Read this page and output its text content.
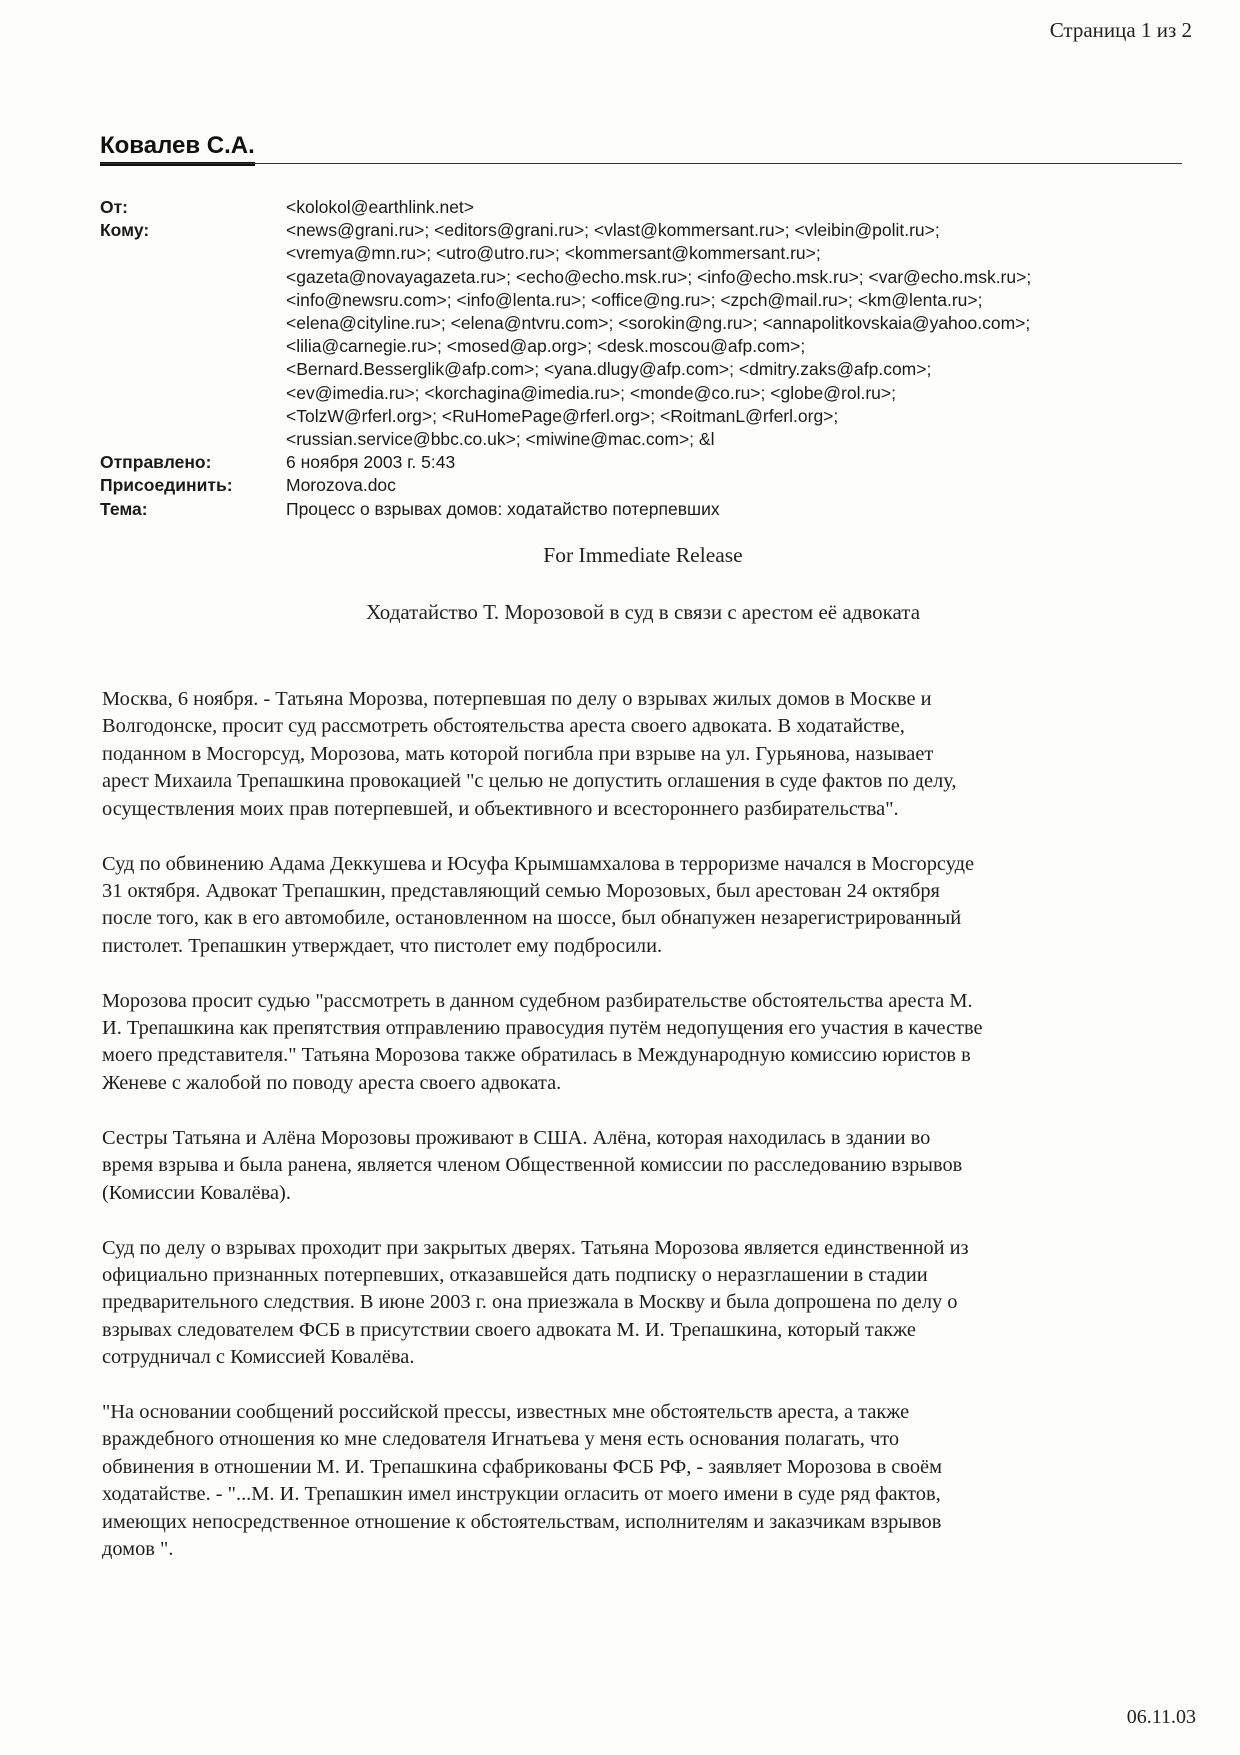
Страница 1 из 2
Ковалев С.А.
От:	<kolokol@earthlink.net>
Кому:	<news@grani.ru>; <editors@grani.ru>; <vlast@kommersant.ru>; <vleibin@polit.ru>;
<vremya@mn.ru>; <utro@utro.ru>; <kommersant@kommersant.ru>;
<gazeta@novayagazeta.ru>; <echo@echo.msk.ru>; <info@echo.msk.ru>; <var@echo.msk.ru>;
<info@newsru.com>; <info@lenta.ru>; <office@ng.ru>; <zpch@mail.ru>; <km@lenta.ru>;
<elena@cityline.ru>; <elena@ntvru.com>; <sorokin@ng.ru>; <annapolitkovskaia@yahoo.com>;
<lilia@carnegie.ru>; <mosed@ap.org>; <desk.moscou@afp.com>;
<Bernard.Besserglik@afp.com>; <yana.dlugy@afp.com>; <dmitry.zaks@afp.com>;
<ev@imedia.ru>; <korchagina@imedia.ru>; <monde@co.ru>; <globe@rol.ru>;
<TolzW@rferl.org>; <RuHomePage@rferl.org>; <RoitmanL@rferl.org>;
<russian.service@bbc.co.uk>; <miwine@mac.com>; &l
Отправлено:	6 ноября 2003 г. 5:43
Присоединить:	Morozova.doc
Тема:	Процесс о взрывах домов: ходатайство потерпевших
For Immediate Release
Ходатайство Т. Морозовой в суд в связи с арестом её адвоката

Москва, 6 ноября. - Татьяна Морозва, потерпевшая по делу о взрывах жилых домов в Москве и
Волгодонске, просит суд рассмотреть обстоятельства ареста своего адвоката. В ходатайстве,
поданном в Мосгорсуд, Морозова, мать которой погибла при взрыве на ул. Гурьянова, называет
арест Михаила Трепашкина провокацией "с целью не допустить оглашения в суде фактов по делу,
осуществления моих прав потерпевшей, и объективного и всестороннего разбирательства".

Суд по обвинению Адама Деккушева и Юсуфа Крымшамхалова в терроризме начался в Мосгорсуде
31 октября. Адвокат Трепашкин, представляющий семью Морозовых, был арестован 24 октября
после того, как в его автомобиле, остановленном на шоссе, был обнапужен незарегистрированный
пистолет. Трепашкин утверждает, что пистолет ему подбросили.

Морозова просит судью "рассмотреть в данном судебном разбирательстве обстоятельства ареста М.
И. Трепашкина как препятствия отправлению правосудия путём недопущения его участия в качестве
моего представителя." Татьяна Морозова также обратилась в Международную комиссию юристов в
Женеве с жалобой по поводу ареста своего адвоката.

Сестры Татьяна и Алёна Морозовы проживают в США. Алёна, которая находилась в здании во
время взрыва и была ранена, является членом Общественной комиссии по расследованию взрывов
(Комиссии Ковалёва).

Суд по делу о взрывах проходит при закрытых дверях. Татьяна Морозова является единственной из
официально признанных потерпевших, отказавшейся дать подписку о неразглашении в стадии
предварительного следствия. В июне 2003 г. она приезжала в Москву и была допрошена по делу о
взрывах следователем ФСБ в присутствии своего адвоката М. И. Трепашкина, который также
сотрудничал с Комиссией Ковалёва.

"На основании сообщений российской прессы, известных мне обстоятельств ареста, а также
враждебного отношения ко мне следователя Игнатьева у меня есть основания полагать, что
обвинения в отношении М. И. Трепашкина сфабрикованы ФСБ РФ, - заявляет Морозова в своём
ходатайстве. - "...М. И. Трепашкин имел инструкции огласить от моего имени в суде ряд фактов,
имеющих непосредственное отношение к обстоятельствам, исполнителям и заказчикам взрывов
домов ".

06.11.03
